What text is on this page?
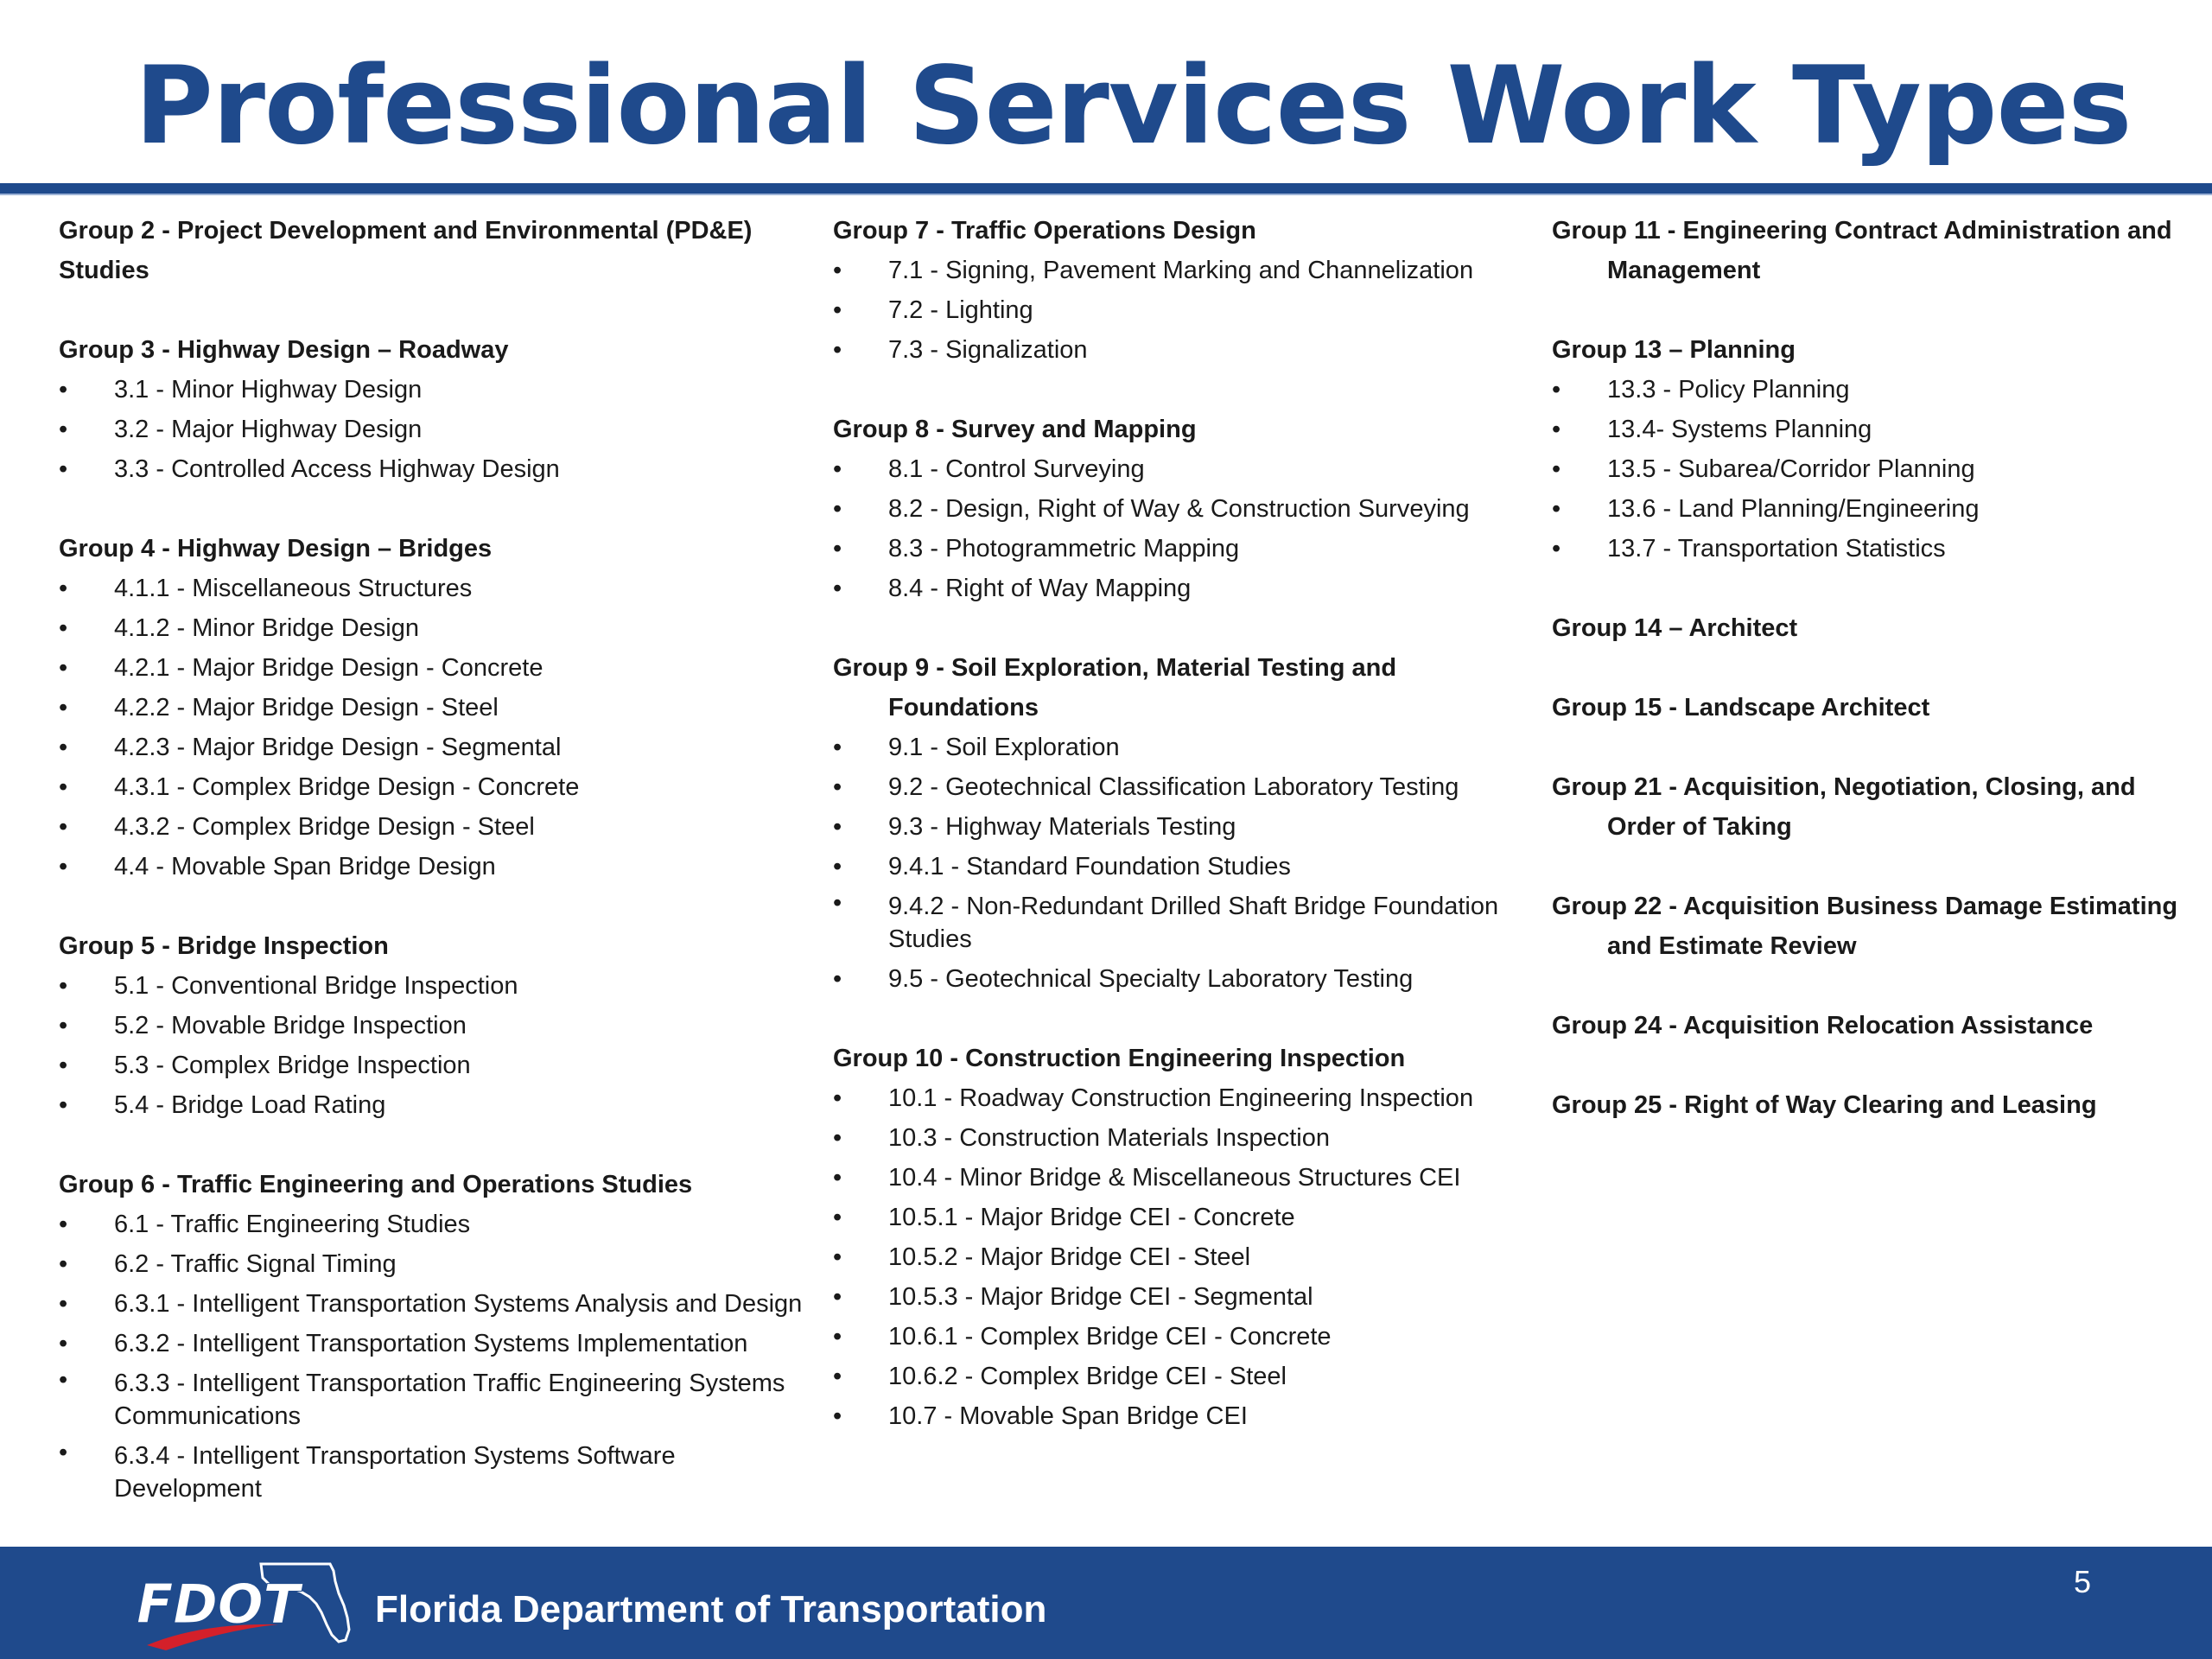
Professional Services Work Types
Group 2 - Project Development and Environmental (PD&E) Studies
Group 3 - Highway Design – Roadway
•	3.1 - Minor Highway Design
•	3.2 - Major Highway Design
•	3.3 - Controlled Access Highway Design
Group 4 - Highway Design – Bridges
•	4.1.1 - Miscellaneous Structures
•	4.1.2 - Minor Bridge Design
•	4.2.1 - Major Bridge Design - Concrete
•	4.2.2 - Major Bridge Design - Steel
•	4.2.3 - Major Bridge Design - Segmental
•	4.3.1 - Complex Bridge Design - Concrete
•	4.3.2 - Complex Bridge Design - Steel
•	4.4 - Movable Span Bridge Design
Group 5 - Bridge Inspection
•	5.1 - Conventional Bridge Inspection
•	5.2 - Movable Bridge Inspection
•	5.3 - Complex Bridge Inspection
•	5.4 - Bridge Load Rating
Group 6 - Traffic Engineering and Operations Studies
•	6.1 - Traffic Engineering Studies
•	6.2 - Traffic Signal Timing
•	6.3.1 - Intelligent Transportation Systems Analysis and Design
•	6.3.2 - Intelligent Transportation Systems Implementation
•	6.3.3 - Intelligent Transportation Traffic Engineering Systems Communications
•	6.3.4 - Intelligent Transportation Systems Software Development
Group 7 - Traffic Operations Design
•	7.1 - Signing, Pavement Marking and Channelization
•	7.2 - Lighting
•	7.3 - Signalization
Group 8 - Survey and Mapping
•	8.1 - Control Surveying
•	8.2 - Design, Right of Way & Construction Surveying
•	8.3 - Photogrammetric Mapping
•	8.4 - Right of Way Mapping
Group 9 - Soil Exploration, Material Testing and Foundations
•	9.1 - Soil Exploration
•	9.2 - Geotechnical Classification Laboratory Testing
•	9.3 - Highway Materials Testing
•	9.4.1 - Standard Foundation Studies
•	9.4.2 - Non-Redundant Drilled Shaft Bridge Foundation Studies
•	9.5 - Geotechnical Specialty Laboratory Testing
Group 10 - Construction Engineering Inspection
•	10.1 - Roadway Construction Engineering Inspection
•	10.3 - Construction Materials Inspection
•	10.4 - Minor Bridge & Miscellaneous Structures CEI
•	10.5.1 - Major Bridge CEI - Concrete
•	10.5.2 - Major Bridge CEI - Steel
•	10.5.3 - Major Bridge CEI - Segmental
•	10.6.1 - Complex Bridge CEI - Concrete
•	10.6.2 - Complex Bridge CEI - Steel
•	10.7 - Movable Span Bridge CEI
Group 11 - Engineering Contract Administration and Management
Group 13 – Planning
•	13.3 - Policy Planning
•	13.4- Systems Planning
•	13.5 - Subarea/Corridor Planning
•	13.6 - Land Planning/Engineering
•	13.7 - Transportation Statistics
Group 14 – Architect
Group 15 - Landscape Architect
Group 21 - Acquisition, Negotiation, Closing, and Order of Taking
Group 22 - Acquisition Business Damage Estimating and Estimate Review
Group 24 - Acquisition Relocation Assistance
Group 25 - Right of Way Clearing and Leasing
FDOT Florida Department of Transportation
5
